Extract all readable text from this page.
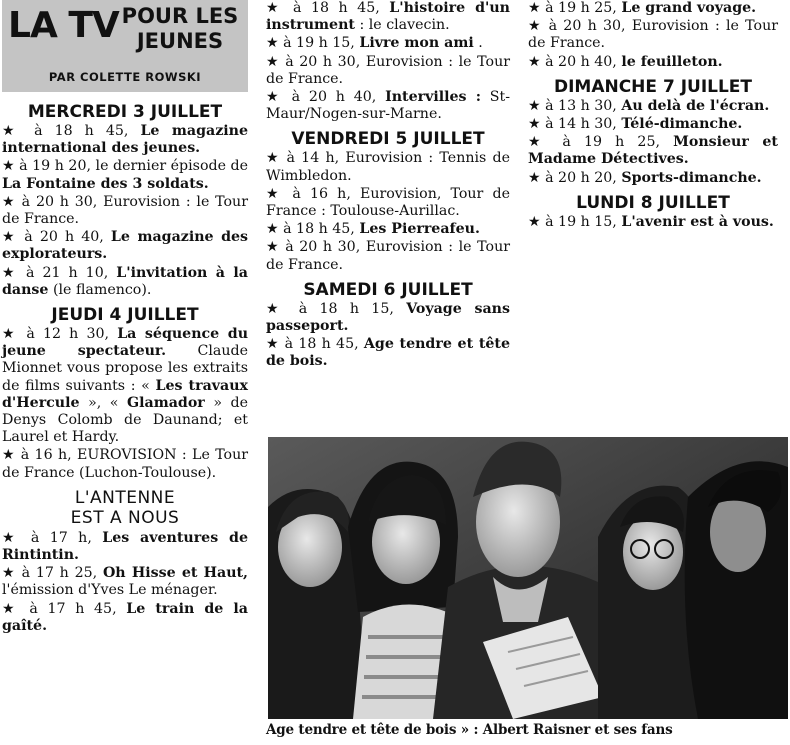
LA TV POUR LES
JEUNES
PAR COLETTE ROWSKI
MERCREDI 3 JUILLET
★ à 18 h 45, Le magazine international des jeunes.
★ à 19 h 20, le dernier épisode de La Fontaine des 3 soldats.
★ à 20 h 30, Eurovision : le Tour de France.
★ à 20 h 40, Le magazine des explorateurs.
★ à 21 h 10, L'invitation à la danse (le flamenco).
JEUDI 4 JUILLET
★ à 12 h 30, La séquence du jeune spectateur. Claude Mionnet vous propose les extraits de films suivants : « Les travaux d'Hercule », « Glamador » de Denys Colomb de Daunand; et Laurel et Hardy.
★ à 16 h, EUROVISION : Le Tour de France (Luchon-Toulouse).
L'ANTENNE
EST A NOUS
★ à 17 h, Les aventures de Rintintin.
★ à 17 h 25, Oh Hisse et Haut, l'émission d'Yves Le ménager.
★ à 17 h 45, Le train de la gaîté.
★ à 18 h 45, L'histoire d'un instrument : le clavecin.
★ à 19 h 15, Livre mon ami .
★ à 20 h 30, Eurovision : le Tour de France.
★ à 20 h 40, Intervilles : St-Maur/Nogen-sur-Marne.
VENDREDI 5 JUILLET
★ à 14 h, Eurovision : Tennis de Wimbledon.
★ à 16 h, Eurovision, Tour de France : Toulouse-Aurillac.
★ à 18 h 45, Les Pierreafeu.
★ à 20 h 30, Eurovision : le Tour de France.
SAMEDI 6 JUILLET
★ à 18 h 15, Voyage sans passeport.
★ à 18 h 45, Age tendre et tête de bois.
★ à 19 h 25, Le grand voyage.
★ à 20 h 30, Eurovision : le Tour de France.
★ à 20 h 40, le feuilleton.
DIMANCHE 7 JUILLET
★ à 13 h 30, Au delà de l'écran.
★ à 14 h 30, Télé-dimanche.
★ à 19 h 25, Monsieur et Madame Détectives.
★ à 20 h 20, Sports-dimanche.
LUNDI 8 JUILLET
★ à 19 h 15, L'avenir est à vous.
Age tendre et tête de bois » : Albert Raisner et ses fans
